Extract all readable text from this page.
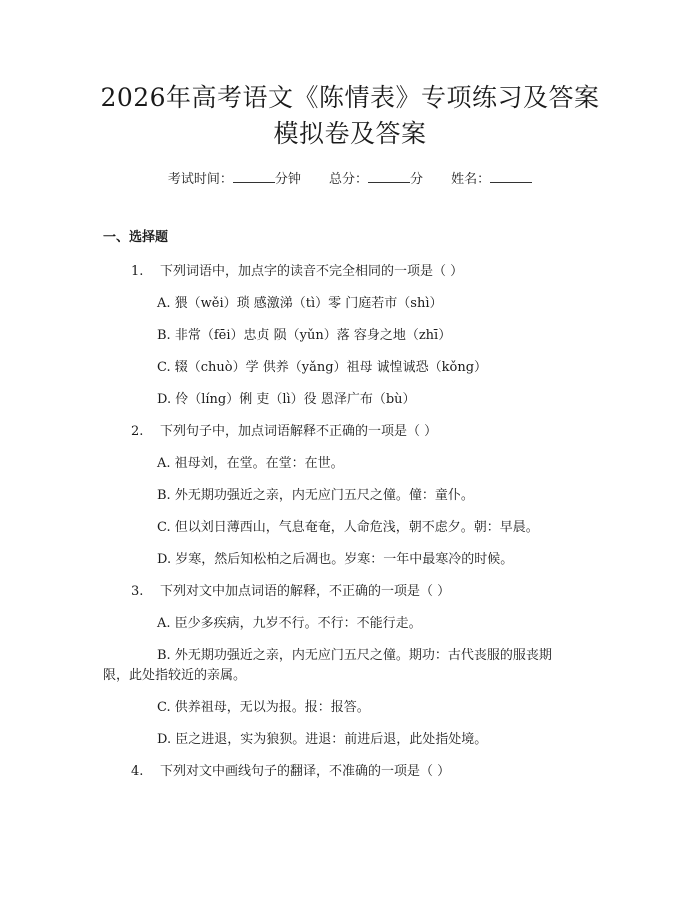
2026年高考语文《陈情表》专项练习及答案
模拟卷及答案
考试时间：	分钟 总分：	分 姓名：
一、选择题
1. 下列词语中，加点字的读音不完全相同的一项是（ ）
A. 猥（wěi）琐 感激涕（tì）零 门庭若市（shì）
B. 非常（fēi）忠贞 陨（yǔn）落 容身之地（zhī）
C. 辍（chuò）学 供养（yǎng）祖母 诚惶诚恐（kǒng）
D. 伶（líng）俐 吏（lì）役 恩泽广布（bù）
2. 下列句子中，加点词语解释不正确的一项是（ ）
A. 祖母刘，在堂。在堂：在世。
B. 外无期功强近之亲，内无应门五尺之僮。僮：童仆。
C. 但以刘日薄西山，气息奄奄，人命危浅，朝不虑夕。朝：早晨。
D. 岁寒，然后知松柏之后凋也。岁寒：一年中最寒冷的时候。
3. 下列对文中加点词语的解释，不正确的一项是（ ）
A. 臣少多疾病，九岁不行。不行：不能行走。
B. 外无期功强近之亲，内无应门五尺之僮。期功：古代丧服的服丧期
限，此处指较近的亲属。
C. 供养祖母，无以为报。报：报答。
D. 臣之进退，实为狼狈。进退：前进后退，此处指处境。
4. 下列对文中画线句子的翻译，不准确的一项是（ ）
